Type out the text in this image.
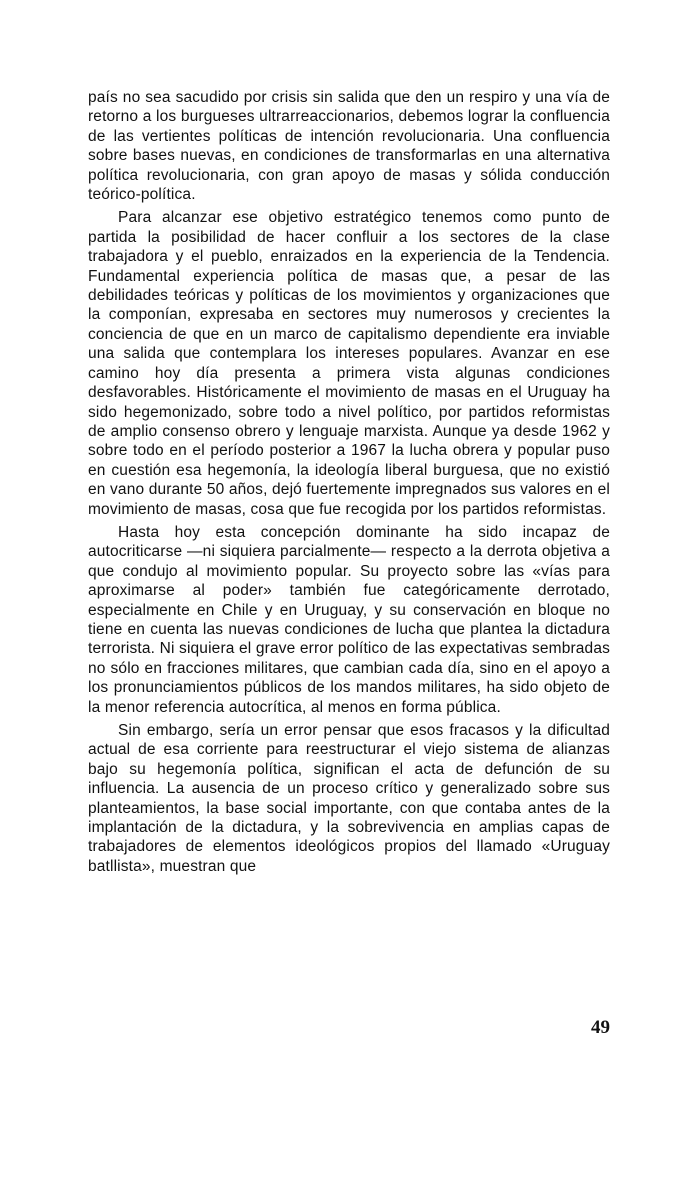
país no sea sacudido por crisis sin salida que den un respiro y una vía de retorno a los burgueses ultrarreaccionarios, debemos lograr la confluencia de las vertientes políticas de intención revolucionaria. Una confluencia sobre bases nuevas, en condiciones de transformarlas en una alternativa política revolucionaria, con gran apoyo de masas y sólida conducción teórico-política.

Para alcanzar ese objetivo estratégico tenemos como punto de partida la posibilidad de hacer confluir a los sectores de la clase trabajadora y el pueblo, enraizados en la experiencia de la Tendencia. Fundamental experiencia política de masas que, a pesar de las debilidades teóricas y políticas de los movimientos y organizaciones que la componían, expresaba en sectores muy numerosos y crecientes la conciencia de que en un marco de capitalismo dependiente era inviable una salida que contemplara los intereses populares. Avanzar en ese camino hoy día presenta a primera vista algunas condiciones desfavorables. Históricamente el movimiento de masas en el Uruguay ha sido hegemonizado, sobre todo a nivel político, por partidos reformistas de amplio consenso obrero y lenguaje marxista. Aunque ya desde 1962 y sobre todo en el período posterior a 1967 la lucha obrera y popular puso en cuestión esa hegemonía, la ideología liberal burguesa, que no existió en vano durante 50 años, dejó fuertemente impregnados sus valores en el movimiento de masas, cosa que fue recogida por los partidos reformistas.

Hasta hoy esta concepción dominante ha sido incapaz de autocriticarse —ni siquiera parcialmente— respecto a la derrota objetiva a que condujo al movimiento popular. Su proyecto sobre las «vías para aproximarse al poder» también fue categóricamente derrotado, especialmente en Chile y en Uruguay, y su conservación en bloque no tiene en cuenta las nuevas condiciones de lucha que plantea la dictadura terrorista. Ni siquiera el grave error político de las expectativas sembradas no sólo en fracciones militares, que cambian cada día, sino en el apoyo a los pronunciamientos públicos de los mandos militares, ha sido objeto de la menor referencia autocrítica, al menos en forma pública.

Sin embargo, sería un error pensar que esos fracasos y la dificultad actual de esa corriente para reestructurar el viejo sistema de alianzas bajo su hegemonía política, significan el acta de defunción de su influencia. La ausencia de un proceso crítico y generalizado sobre sus planteamientos, la base social importante, con que contaba antes de la implantación de la dictadura, y la sobrevivencia en amplias capas de trabajadores de elementos ideológicos propios del llamado «Uruguay batllista», muestran que

49
